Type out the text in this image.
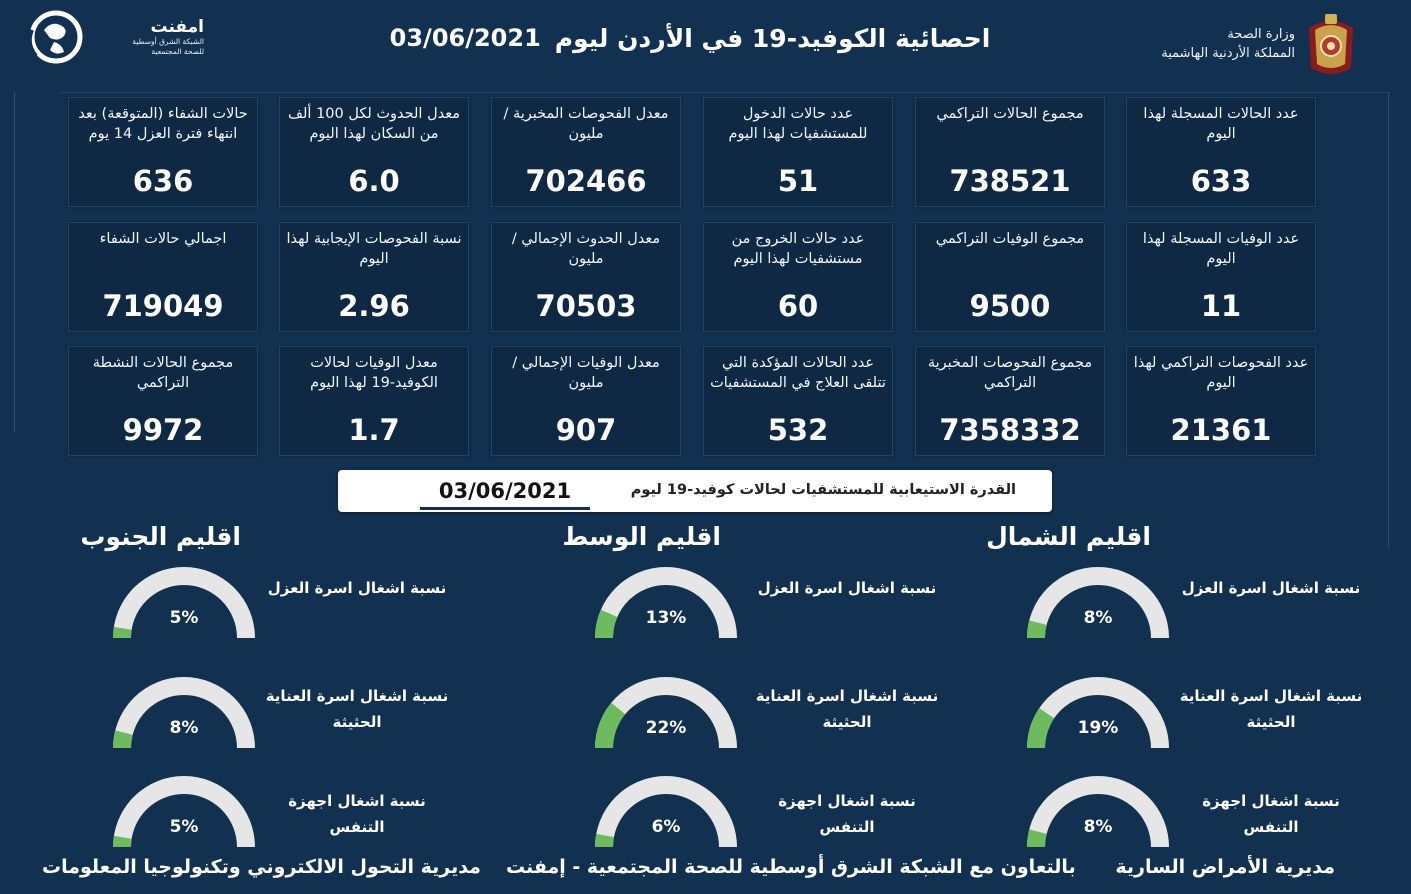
امفنت
الشبكة الشرق أوسطية
للصحة المجتمعية	احصائية الكوفيد-19 في الأردن ليوم
03/06/2021	وزارة الصحة
المملكة الأردنية الهاشمية
عدد الحالات المسجلة لهذا اليوم
633
مجموع الحالات التراكمي
738521
عدد حالات الدخول للمستشفيات لهذا اليوم
51
معدل الفحوصات المخبرية /مليون
702466
معدل الحدوث لكل 100 ألف من السكان لهذا اليوم
6.0
حالات الشفاء (المتوقعة) بعد انتهاء فترة العزل 14 يوم
636
عدد الوفيات المسجلة لهذا اليوم
11
مجموع الوفيات التراكمي
9500
عدد حالات الخروج من مستشفيات لهذا اليوم
60
معدل الحدوث الإجمالي /مليون
70503
نسبة الفحوصات الإيجابية لهذا اليوم
2.96
اجمالي حالات الشفاء
719049
عدد الفحوصات التراكمي لهذا اليوم
21361
مجموع الفحوصات المخبرية التراكمي
7358332
عدد الحالات المؤكدة التي تتلقى العلاج في المستشفيات
532
معدل الوفيات الإجمالي /مليون
907
معدل الوفيات لحالات الكوفيد-19 لهذا اليوم
1.7
مجموع الحالات النشطة التراكمي
9972
القدرة الاستيعابية للمستشفيات لحالات كوفيد-19 ليوم
03/06/2021
اقليم الشمال
نسبة اشغال اسرة العزل
8%
نسبة اشغال اسرة العناية الحثيثة
19%
نسبة اشغال اجهزة التنفس
8%
اقليم الوسط
نسبة اشغال اسرة العزل
13%
نسبة اشغال اسرة العناية الحثيثة
22%
نسبة اشغال اجهزة التنفس
6%
اقليم الجنوب
نسبة اشغال اسرة العزل
5%
نسبة اشغال اسرة العناية الحثيثة
8%
نسبة اشغال اجهزة التنفس
5%
مديرية الأمراض السارية
بالتعاون مع الشبكة الشرق أوسطية للصحة المجتمعية - إمفنت
مديرية التحول الالكتروني وتكنولوجيا المعلومات
